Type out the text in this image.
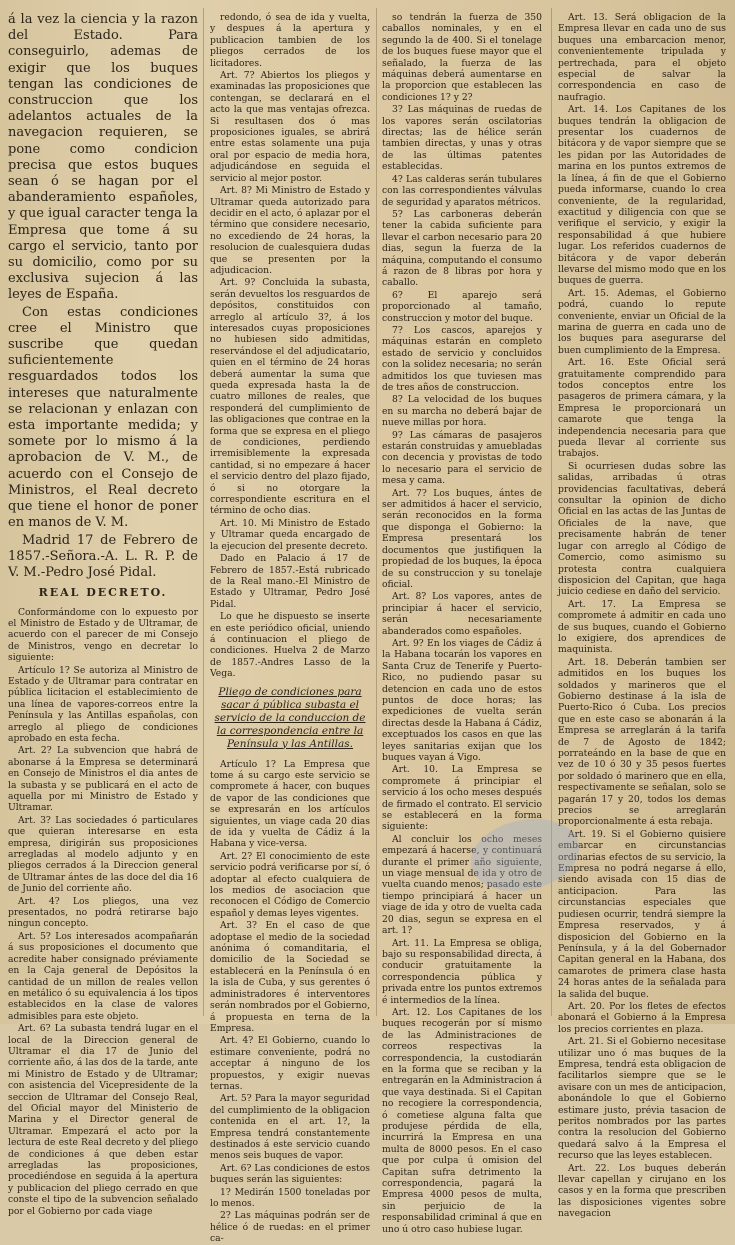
á la vez la ciencia y la razon del Estado. Para conseguirlo, ademas de exigir que los buques tengan las condiciones de construccion que los adelantos actuales de la navegacion requieren, se pone como condicion precisa que estos buques sean ó se hagan por el abanderamiento españoles, y que igual caracter tenga la Empresa que tome á su cargo el servicio, tanto por su domicilio, como por su exclusiva sujecion á las leyes de España.

Con estas condiciones cree el Ministro que suscribe que quedan suficientemente resguardados todos los intereses que naturalmente se relacionan y enlazan con esta importante medida; y somete por lo mismo á la aprobacion de V. M., de acuerdo con el Consejo de Ministros, el Real decreto que tiene el honor de poner en manos de V. M.

Madrid 17 de Febrero de 1857.-Señora.-A. L. R. P. de V. M.-Pedro José Pidal.

REAL DECRETO.

Conformándome con lo expuesto por el Ministro de Estado y de Ultramar, de acuerdo con el parecer de mi Consejo de Ministros, vengo en decretar lo siguiente:

Artículo 1? Se autoriza al Ministro de Estado y de Ultramar para contratar en pública licitacion el establecimiento de una línea de vapores-correos entre la Península y las Antillas españolas, con arreglo al pliego de condiciones aprobado en esta fecha.

Art. 2? La subvencion que habrá de abonarse á la Empresa se determinará en Consejo de Ministros el dia antes de la subasta y se publicará en el acto de aquella por mi Ministro de Estado y Ultramar.

Art. 3? Las sociedades ó particulares que quieran interesarse en esta empresa, dirigirán sus proposiciones arregladas al modelo adjunto y en pliegos cerrados á la Direccion general de Ultramar ántes de las doce del dia 16 de Junio del corriente año.

Art. 4? Los pliegos, una vez presentados, no podrá retirarse bajo ningun concepto.

Art. 5? Los interesados acompañarán á sus proposiciones el documento que acredite haber consignado préviamente en la Caja general de Depósitos la cantidad de un millon de reales vellon en metálico ó su equivalencia á los tipos establecidos en la clase de valores admisibles para este objeto.

Art. 6? La subasta tendrá lugar en el local de la Direccion general de Ultramar el dia 17 de Junio del corriente año, á las dos de la tarde, ante mi Ministro de Estado y de Ultramar; con asistencia del Vicepresidente de la seccion de Ultramar del Consejo Real, del Oficial mayor del Ministerio de Marina y el Director general de Ultramar. Empezará el acto por la lectura de este Real decreto y del pliego de condiciones á que deben estar arregladas las proposiciones, procediéndose en seguida á la apertura y publicacion del pliego cerrado en que conste el tipo de la subvencion señalado por el Gobierno por cada viage

redondo, ó sea de ida y vuelta, y despues á la apertura y publicacion tambien de los pliegos cerrados de los licitadores.

Art. 7? Abiertos los pliegos y examinadas las proposiciones que contengan, se declarará en el acto la que mas ventajas ofrezca. Si resultasen dos ó mas proposiciones iguales, se abrirá entre estas solamente una puja oral por espacio de media hora, adjudicándose en seguida el servicio al mejor postor.

Art. 8? Mi Ministro de Estado y Ultramar queda autorizado para decidir en el acto, ó aplazar por el término que considere necesario, no excediendo de 24 horas, la resolucion de cualesquiera dudas que se presenten por la adjudicacion.

Art. 9? Concluida la subasta, serán devueltos los resguardos de depósitos, constituidos con arreglo al artículo 3?, á los interesados cuyas proposiciones no hubiesen sido admitidas, reservándose el del adjudicatario, quien en el término de 24 horas deberá aumentar la suma que queda expresada hasta la de cuatro millones de reales, que responderá del cumplimiento de las obligaciones que contrae en la forma que se expresa en el pliego de condiciones, perdiendo irremisiblemente la expresada cantidad, si no empezare á hacer el servicio dentro del plazo fijado, ó si no otorgare la correspondiente escritura en el término de ocho dias.

Art. 10. Mi Ministro de Estado y Ultramar queda encargado de la ejecucion del presente decreto.

Dado en Palacio á 17 de Febrero de 1857.-Está rubricado de la Real mano.-El Ministro de Estado y Ultramar, Pedro José Pidal.

Lo que he dispuesto se inserte en este periódico oficial, uniendo á continuacion el pliego de condiciones. Huelva 2 de Marzo de 1857.-Andres Lasso de la Vega.

Pliego de condiciones para sacar á pública subasta el servicio de la conduccion de la correspondencia entre la Península y las Antillas.

Artículo 1? La Empresa que tome á su cargo este servicio se compromete á hacer, con buques de vapor de las condiciones que se expresarán en los artículos siguientes, un viage cada 20 dias de ida y vuelta de Cádiz á la Habana y vice-versa.

Art. 2? El conocimiento de este servicio podrá verificarse por sí, ó adoptar al efecto cualquiera de los medios de asociacion que reconocen el Código de Comercio español y demas leyes vigentes.

Art. 3? En el caso de que adoptase el medio de la sociedad anónima ó comanditaria, el domicilio de la Sociedad se establecerá en la Península ó en la isla de Cuba, y sus gerentes ó administradores é interventores serán nombrados por el Gobierno, á propuesta en terna de la Empresa.

Art. 4? El Gobierno, cuando lo estimare conveniente, podrá no acceptar á ninguno de los propuestos, y exigir nuevas ternas.

Art. 5? Para la mayor seguridad del cumplimiento de la obligacion contenida en el art. 1?, la Empresa tendrá constantemente destinados á este servicio cuando menos seis buques de vapor.

Art. 6? Las condiciones de estos buques serán las siguientes:

1? Medirán 1500 toneladas por lo menos.

2? Las máquinas podrán ser de hélice ó de ruedas: en el primer ca-

so tendrán la fuerza de 350 caballos nominales, y en el segundo la de 400. Si el tonelage de los buques fuese mayor que el señalado, la fuerza de las máquinas deberá aumentarse en la proporcion que establecen las condiciones 1? y 2?

3? Las máquinas de ruedas de los vapores serán oscilatorias directas; las de hélice serán tambien directas, y unas y otras de las últimas patentes establecidas.

4? Las calderas serán tubulares con las correspondientes válvulas de seguridad y aparatos métricos.

5? Las carboneras deberán tener la cabida suficiente para llevar el carbon necesario para 20 dias, segun la fuerza de la máquina, computando el consumo á razon de 8 libras por hora y caballo.

6? El aparejo será proporcionado al tamaño, construccion y motor del buque.

7? Los cascos, aparejos y máquinas estarán en completo estado de servicio y concluidos con la solidez necesaria; no serán admitidos los que tuviesen mas de tres años de construccion.

8? La velocidad de los buques en su marcha no deberá bajar de nueve millas por hora.

9? Las cámaras de pasajeros estarán construidas y amuebladas con decencia y provistas de todo lo necesario para el servicio de mesa y cama.

Art. 7? Los buques, ántes de ser admitidos á hacer el servicio, serán reconocidos en la forma que disponga el Gobierno: la Empresa presentará los documentos que justifiquen la propiedad de los buques, la época de su construccion y su tonelaje oficial.

Art. 8? Los vapores, antes de principiar á hacer el servicio, serán necesariamente abanderados como españoles.

Art. 9? En los viages de Cádiz á la Habana tocarán los vapores en Santa Cruz de Tenerife y Puerto-Rico, no pudiendo pasar su detencion en cada uno de estos puntos de doce horas; las expediciones de vuelta serán directas desde la Habana á Cádiz, exceptuados los casos en que las leyes sanitarias exijan que los buques vayan á Vigo.

Art. 10. La Empresa se compromete á principiar el servicio á los ocho meses después de firmado el contrato. El servicio se establecerá en la forma siguiente:

Al concluir los ocho meses empezará á hacerse, y continuará durante el primer año siguiente, un viage mensual de ida y otro de vuelta cuando menos; pasado este tiempo principiará á hacer un viage de ida y otro de vuelta cada 20 dias, segun se expresa en el art. 1?

Art. 11. La Empresa se obliga, bajo su responsabilidad directa, á conducir gratuitamente la correspondencia pública y privada entre los puntos extremos é intermedios de la línea.

Art. 12. Los Capitanes de los buques recogerán por sí mismo de las Administraciones de correos respectivas la correspondencia, la custodiarán en la forma que se reciban y la entregarán en la Administracion á que vaya destinada. Si el Capitan no recogiere la correspondencia, ó cometiese alguna falta que produjese pérdida de ella, incurrirá la Empresa en una multa de 8000 pesos. En el caso que por culpa ú omision del Capitan sufra detrimento la correspondencia, pagará la Empresa 4000 pesos de multa, sin perjuicio de la responsabilidad criminal á que en uno ú otro caso hubiese lugar.

Art. 13. Será obligacion de la Empresa llevar en cada uno de sus buques una embarcacion menor, convenientemente tripulada y pertrechada, para el objeto especial de salvar la correspondencia en caso de naufragio.

Art. 14. Los Capitanes de los buques tendrán la obligacion de presentar los cuadernos de bitácora y de vapor siempre que se les pidan por las Autoridades de marina en los puntos extremos de la línea, á fin de que el Gobierno pueda informarse, cuando lo crea conveniente, de la regularidad, exactitud y diligencia con que se verifique el servicio, y exigir la responsabilidad á que hubiere lugar. Los referidos cuadernos de bitácora y de vapor deberán llevarse del mismo modo que en los buques de guerra.

Art. 15. Ademas, el Gobierno podrá, cuando lo repute conveniente, enviar un Oficial de la marina de guerra en cada uno de los buques para asegurarse del buen cumplimiento de la Empresa.

Art. 16. Este Oficial será gratuitamente comprendido para todos conceptos entre los pasageros de primera cámara, y la Empresa le proporcionará un camarote que tenga la independencia necesaria para que pueda llevar al corriente sus trabajos.

Si ocurriesen dudas sobre las salidas, arribadas ú otras providencias facultativas, deberá consultar la opinion de dicho Oficial en las actas de las Juntas de Oficiales de la nave, que precisamente habrán de tener lugar con arreglo al Código de Comercio, como asimismo su protesta contra cualquiera disposicion del Capitan, que haga juicio cediese en daño del servicio.

Art. 17. La Empresa se compromete á admitir en cada uno de sus buques, cuando el Gobierno lo exigiere, dos aprendices de maquinista.

Art. 18. Deberán tambien ser admitidos en los buques los soldados y marineros que el Gobierno destinase á la isla de Puerto-Rico ó Cuba. Los precios que en este caso se abonarán á la Empresa se arreglarán á la tarifa de 7 de Agosto de 1842; porrateándo en la base de que en vez de 10 ó 30 y 35 pesos fuertes por soldado ó marinero que en ella, respectivamente se señalan, solo se pagarán 17 y 20, todos los demas precios se arreglarán proporcionalmente á esta rebaja.

Art. 19. Si el Gobierno quisiere embarcar en circunstancias ordinarias efectos de su servicio, la Empresa no podrá negarse á ello, siendo avisada con 15 dias de anticipacion. Para las circunstancias especiales que pudiesen ocurrir, tendrá siempre la Empresa reservados, y á disposicion del Gobierno en la Península, y á la del Gobernador Capitan general en la Habana, dos camarotes de primera clase hasta 24 horas antes de la señalada para la salida del buque.

Art. 20. Por los fletes de efectos abonará el Gobierno á la Empresa los precios corrientes en plaza.

Art. 21. Si el Gobierno necesitase utilizar uno ó mas buques de la Empresa, tendrá esta obligacion de facilitarlos siempre que se le avisare con un mes de anticipacion, abonándole lo que el Gobierno estimare justo, prévia tasacion de peritos nombrados por las partes contra la resolucion del Gobierno quedará salvo á la Empresa el recurso que las leyes establecen.

Art. 22. Los buques deberán llevar capellan y cirujano en los casos y en la forma que prescriben las disposiciones vigentes sobre navegacion
